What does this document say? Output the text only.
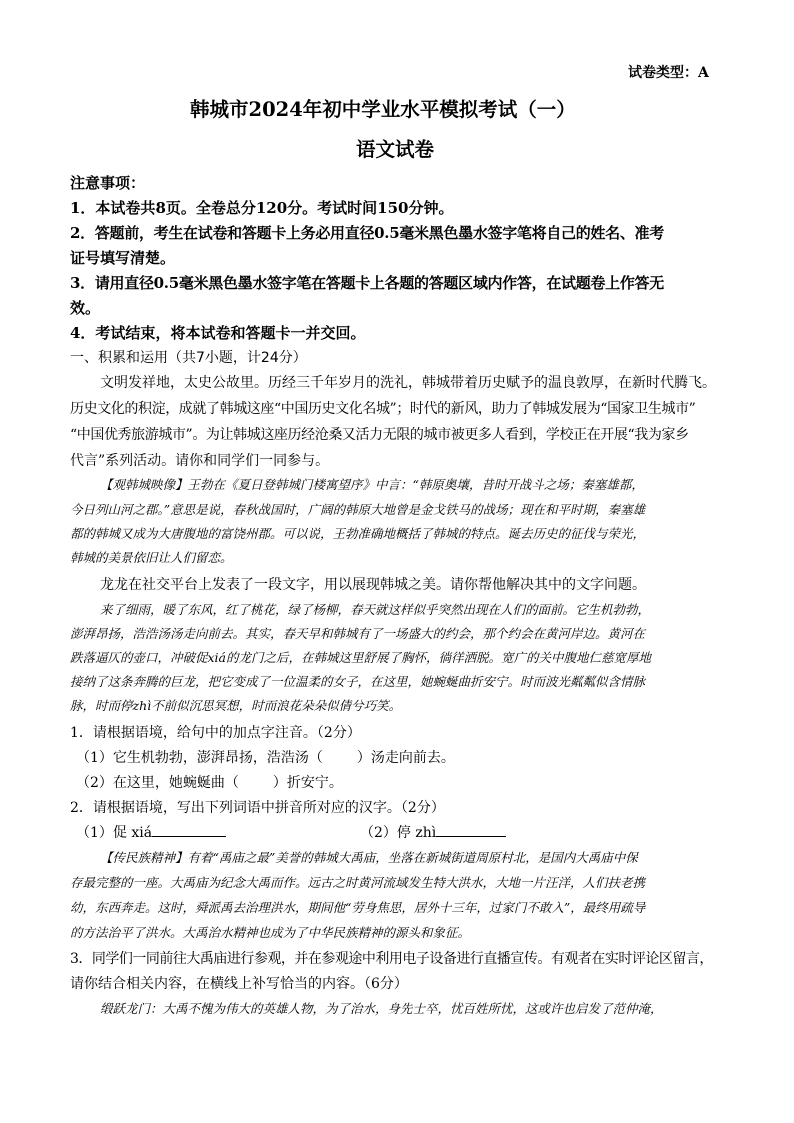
试卷类型：A
韩城市2024年初中学业水平模拟考试（一）
语文试卷
注意事项：
1．本试卷共8页。全卷总分120分。考试时间150分钟。
2．答题前，考生在试卷和答题卡上务必用直径0.5毫米黑色墨水签字笔将自己的姓名、准考
证号填写清楚。
3．请用直径0.5毫米黑色墨水签字笔在答题卡上各题的答题区域内作答，在试题卷上作答无
效。
4．考试结束，将本试卷和答题卡一并交回。
一、积累和运用（共7小题，计24分）
文明发祥地，太史公故里。历经三千年岁月的洗礼，韩城带着历史赋予的温良敦厚，在新时代腾飞。
历史文化的积淀，成就了韩城这座“中国历史文化名城”；时代的新风，助力了韩城发展为“国家卫生城市”
“中国优秀旅游城市”。为让韩城这座历经沧桑又活力无限的城市被更多人看到，学校正在开展“我为家乡
代言”系列活动。请你和同学们一同参与。
【观韩城映像】王勃在《夏日登韩城门楼寓望序》中言：“韩原奥壤，昔时开战斗之场；秦塞雄都，
今日列山河之郡。”意思是说，春秋战国时，广阔的韩原大地曾是金戈铁马的战场；现在和平时期，秦塞雄
都的韩城又成为大唐腹地的富饶州郡。可以说，王勃准确地概括了韩城的特点。诞去历史的征伐与荣光，
韩城的美景依旧让人们留恋。
龙龙在社交平台上发表了一段文字，用以展现韩城之美。请你帮他解决其中的文字问题。
来了细雨，暖了东风，红了桃花，绿了杨柳，春天就这样似乎突然出现在人们的面前。它生机勃勃，
澎湃昂扬，浩浩汤汤走向前去。其实，春天早和韩城有了一场盛大的约会，那个约会在黄河岸边。黄河在
跌落逼仄的壶口，冲破促xiá的龙门之后，在韩城这里舒展了胸怀，徜徉洒脱。宽广的关中腹地仁慈宽厚地
接纳了这条奔腾的巨龙，把它变成了一位温柔的女子，在这里，她蜿蜒曲折安宁。时而波光粼粼似含情脉
脉，时而停zhì不前似沉思冥想，时而浪花朵朵似倩兮巧笑。
1．请根据语境，给句中的加点字注音。（2分）
（1）它生机勃勃，澎湃昂扬，浩浩汤（ ）汤走向前去。
（2）在这里，她蜿蜒曲（ ）折安宁。
2．请根据语境，写出下列词语中拼音所对应的汉字。（2分）
（1）促 xiá	（2）停 zhì
【传民族精神】有着“禹庙之最”美誉的韩城大禹庙，坐落在新城街道周原村北，是国内大禹庙中保
存最完整的一座。大禹庙为纪念大禹而作。远古之时黄河流域发生特大洪水，大地一片汪洋，人们扶老携
幼，东西奔走。这时，舜派禹去治理洪水，期间他“劳身焦思，居外十三年，过家门不敢入”，最终用疏导
的方法治平了洪水。大禹治水精神也成为了中华民族精神的源头和象征。
3．同学们一同前往大禹庙进行参观，并在参观途中利用电子设备进行直播宣传。有观者在实时评论区留言，
请你结合相关内容，在横线上补写恰当的内容。（6分）
缎跃龙门：大禹不愧为伟大的英雄人物，为了治水，身先士卒，忧百姓所忧，这或许也启发了范仲淹，
